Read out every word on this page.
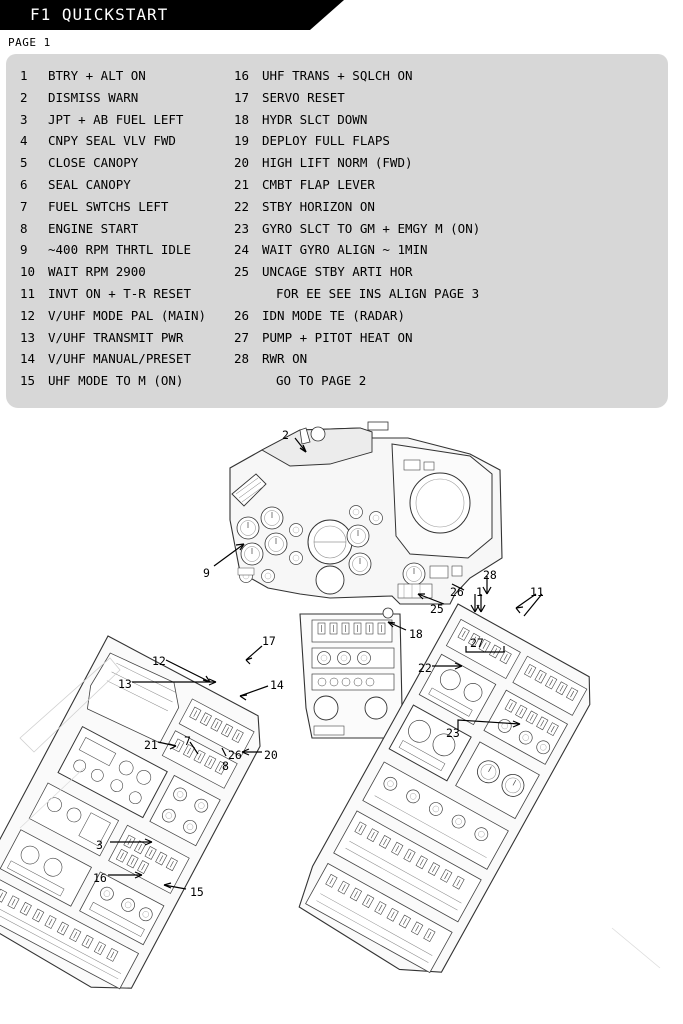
F1 QUICKSTART
PAGE 1
1	BTRY + ALT ON
2	DISMISS WARN
3	JPT + AB FUEL LEFT
4	CNPY SEAL VLV FWD
5	CLOSE CANOPY
6	SEAL CANOPY
7	FUEL SWTCHS LEFT
8	ENGINE START
9	~400 RPM THRTL IDLE
10	WAIT RPM 2900
11	INVT ON + T-R RESET
12	V/UHF MODE PAL (MAIN)
13	V/UHF TRANSMIT PWR
14	V/UHF MANUAL/PRESET
15	UHF MODE TO M (ON)
16	UHF TRANS + SQLCH ON
17	SERVO RESET
18	HYDR SLCT DOWN
19	DEPLOY FULL FLAPS
20	HIGH LIFT NORM (FWD)
21	CMBT FLAP LEVER
22	STBY HORIZON ON
23	GYRO SLCT TO GM + EMGY M (ON)
24	WAIT GYRO ALIGN ~ 1MIN
25	UNCAGE STBY ARTI HOR
FOR EE SEE INS ALIGN PAGE 3
26	IDN MODE TE (RADAR)
27	PUMP + PITOT HEAT ON
28	RWR ON
GO TO PAGE 2
2
9	28
26 1	11
25
18
27
17
12	22
13	14
23
21 7
8
26 20
3
16
15
